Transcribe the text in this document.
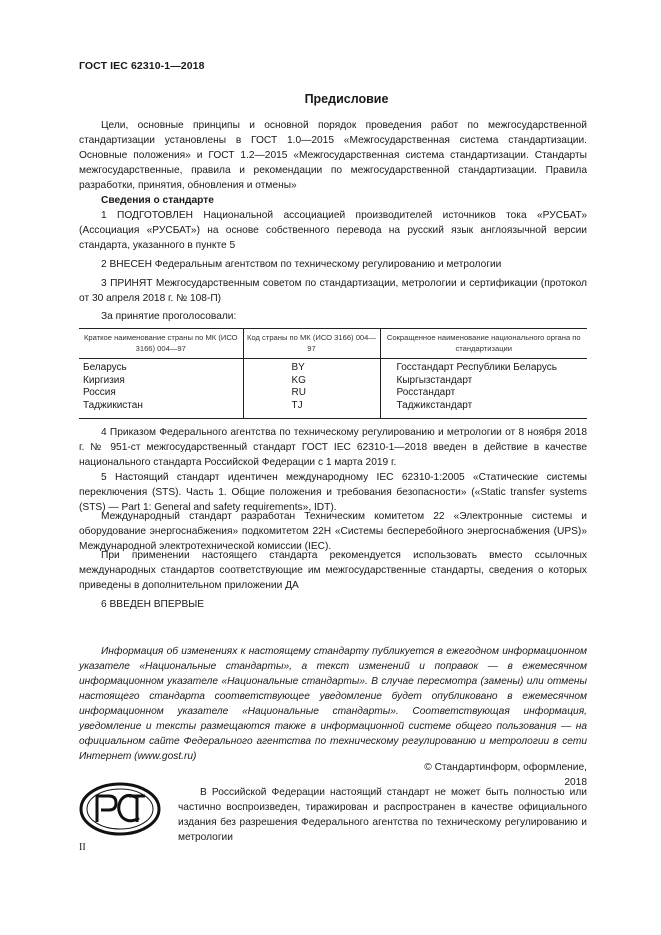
ГОСТ IEC 62310-1—2018
Предисловие
Цели, основные принципы и основной порядок проведения работ по межгосударственной стандартизации установлены в ГОСТ 1.0—2015 «Межгосударственная система стандартизации. Основные положения» и ГОСТ 1.2—2015 «Межгосударственная система стандартизации. Стандарты межгосударственные, правила и рекомендации по межгосударственной стандартизации. Правила разработки, принятия, обновления и отмены»
Сведения о стандарте
1 ПОДГОТОВЛЕН Национальной ассоциацией производителей источников тока «РУСБАТ» (Ассоциация «РУСБАТ») на основе собственного перевода на русский язык англоязычной версии стандарта, указанного в пункте 5
2 ВНЕСЕН Федеральным агентством по техническому регулированию и метрологии
3 ПРИНЯТ Межгосударственным советом по стандартизации, метрологии и сертификации (протокол от 30 апреля 2018 г. № 108-П)
За принятие проголосовали:
Краткое наименование страны по МК (ИСО 3166) 004—97	Код страны по МК (ИСО 3166) 004—97	Сокращенное наименование национального органа по стандартизации
Беларусь	BY	Госстандарт Республики Беларусь
Киргизия	KG	Кыргызстандарт
Россия	RU	Росстандарт
Таджикистан	TJ	Таджикстандарт
4 Приказом Федерального агентства по техническому регулированию и метрологии от 8 ноября 2018 г. № 951-ст межгосударственный стандарт ГОСТ IEC 62310-1—2018 введен в действие в качестве национального стандарта Российской Федерации с 1 марта 2019 г.
5 Настоящий стандарт идентичен международному IEC 62310-1:2005 «Статические системы переключения (STS). Часть 1. Общие положения и требования безопасности» («Static transfer systems (STS) — Part 1: General and safety requirements», IDT).
Международный стандарт разработан Техническим комитетом 22 «Электронные системы и оборудование энергоснабжения» подкомитетом 22H «Системы бесперебойного энергоснабжения (UPS)» Международной электротехнической комиссии (IEC).
При применении настоящего стандарта рекомендуется использовать вместо ссылочных международных стандартов соответствующие им межгосударственные стандарты, сведения о которых приведены в дополнительном приложении ДА
6 ВВЕДЕН ВПЕРВЫЕ
Информация об изменениях к настоящему стандарту публикуется в ежегодном информационном указателе «Национальные стандарты», а текст изменений и поправок — в ежемесячном информационном указателе «Национальные стандарты». В случае пересмотра (замены) или отмены настоящего стандарта соответствующее уведомление будет опубликовано в ежемесячном информационном указателе «Национальные стандарты». Соответствующая информация, уведомление и тексты размещаются также в информационной системе общего пользования — на официальном сайте Федерального агентства по техническому регулированию и метрологии в сети Интернет (www.gost.ru)
© Стандартинформ, оформление, 2018
В Российской Федерации настоящий стандарт не может быть полностью или частично воспроизведен, тиражирован и распространен в качестве официального издания без разрешения Федерального агентства по техническому регулированию и метрологии
II
